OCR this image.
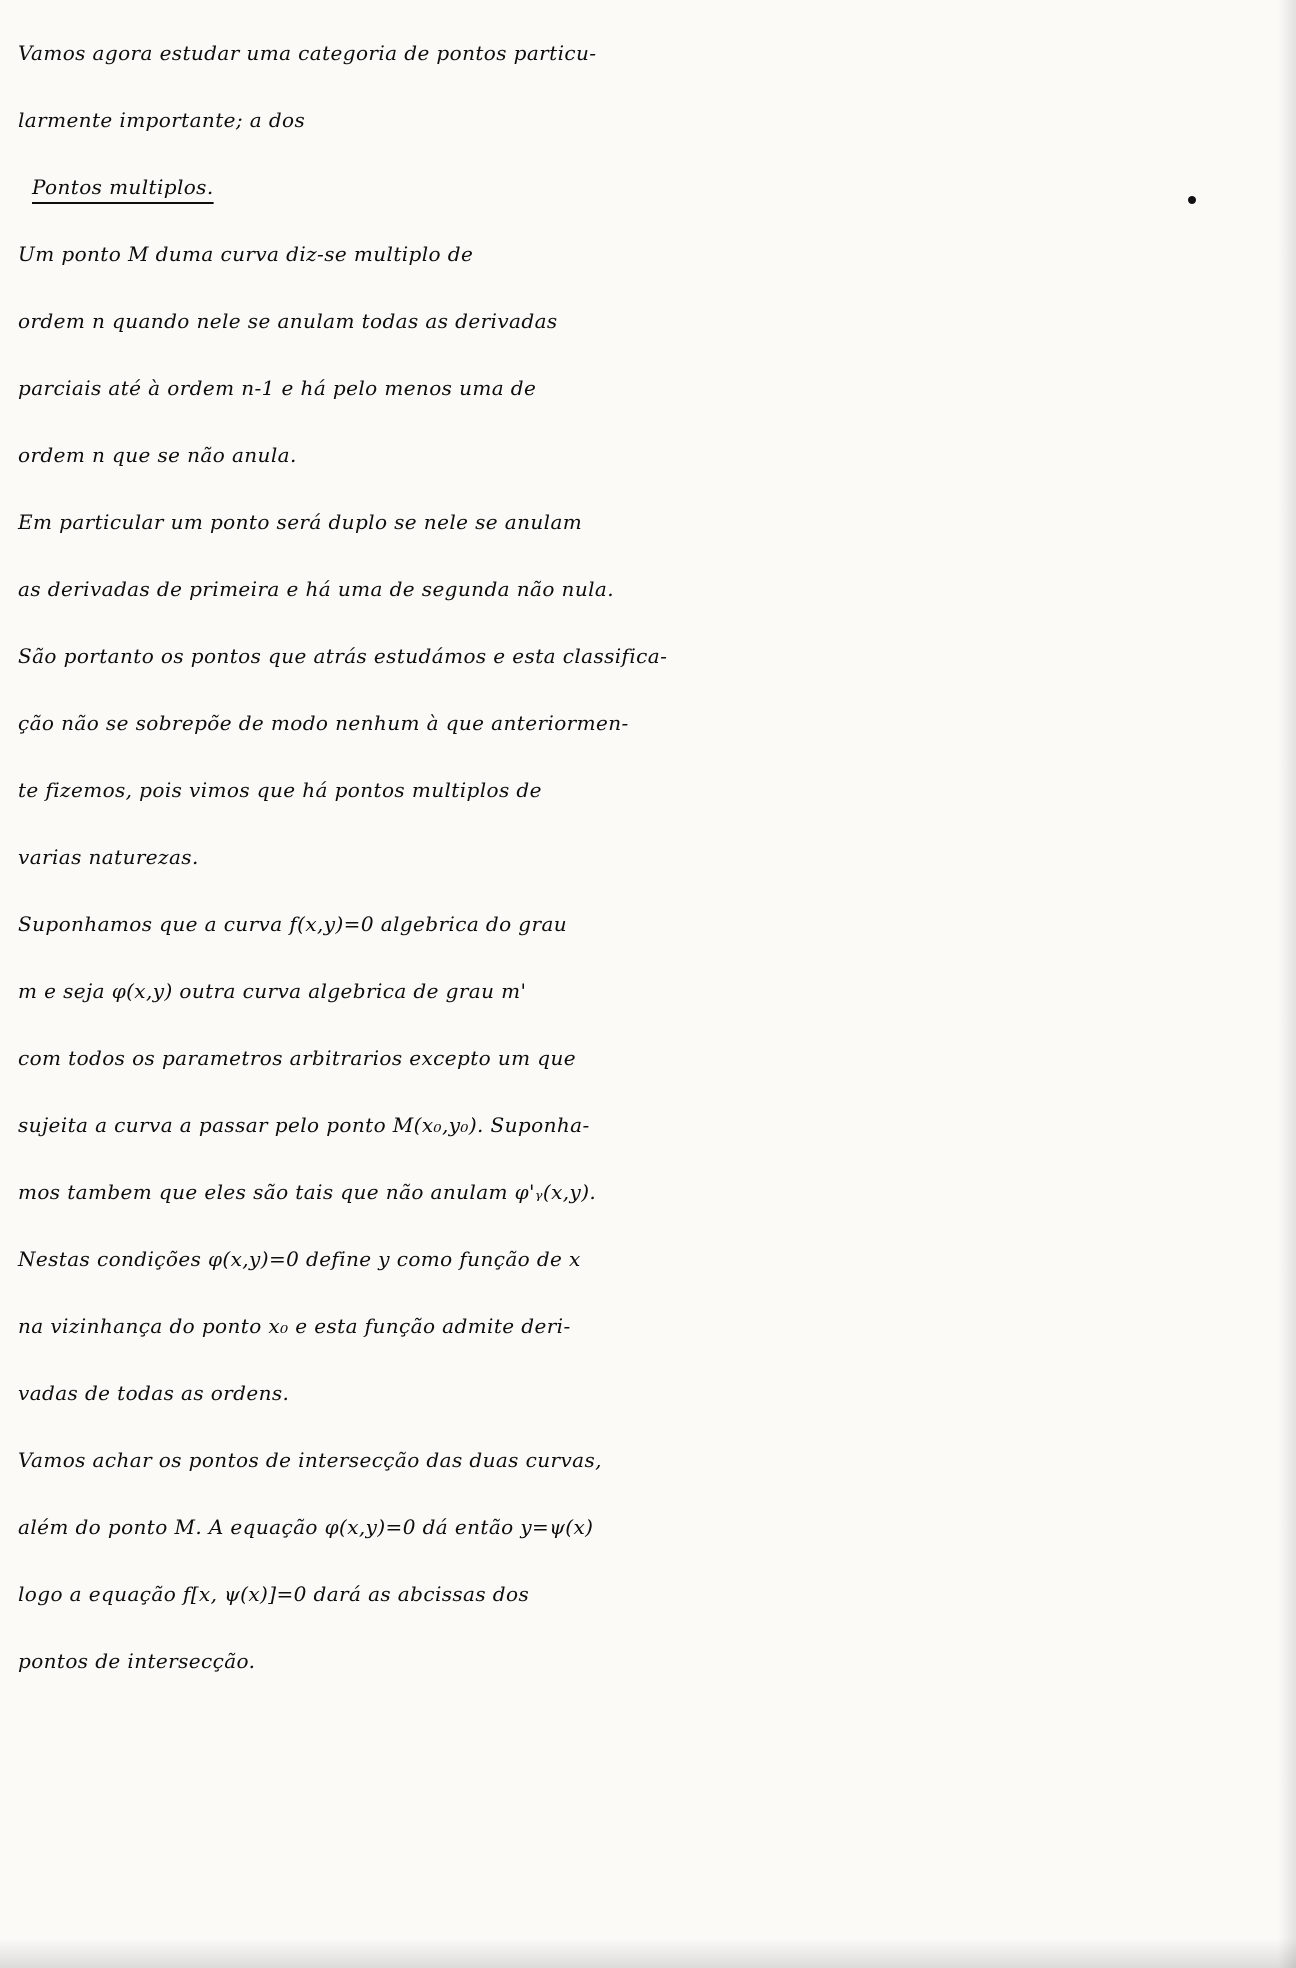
Vamos agora estudar uma categoria de pontos particu-
larmente importante; a dos
Pontos multiplos.
Um ponto M duma curva diz-se multiplo de
ordem n quando nele se anulam todas as derivadas
parciais até à ordem n-1 e há pelo menos uma de
ordem n que se não anula.
Em particular um ponto será duplo se nele se anulam
as derivadas de primeira e há uma de segunda não nula.
São portanto os pontos que atrás estudámos e esta classifica-
ção não se sobrepõe de modo nenhum à que anteriormen-
te fizemos, pois vimos que há pontos multiplos de
varias naturezas.
Suponhamos que a curva f(x,y)=0 algebrica do grau
m e seja φ(x,y) outra curva algebrica de grau m'
com todos os parametros arbitrarios excepto um que
sujeita a curva a passar pelo ponto M(x₀,y₀). Suponha-
mos tambem que eles são tais que não anulam φ'ᵧ(x,y).
Nestas condições φ(x,y)=0 define y como função de x
na vizinhança do ponto x₀ e esta função admite deri-
vadas de todas as ordens.
Vamos achar os pontos de intersecção das duas curvas,
além do ponto M. A equação φ(x,y)=0 dá então y=ψ(x)
logo a equação f[x, ψ(x)]=0 dará as abcissas dos
pontos de intersecção.
